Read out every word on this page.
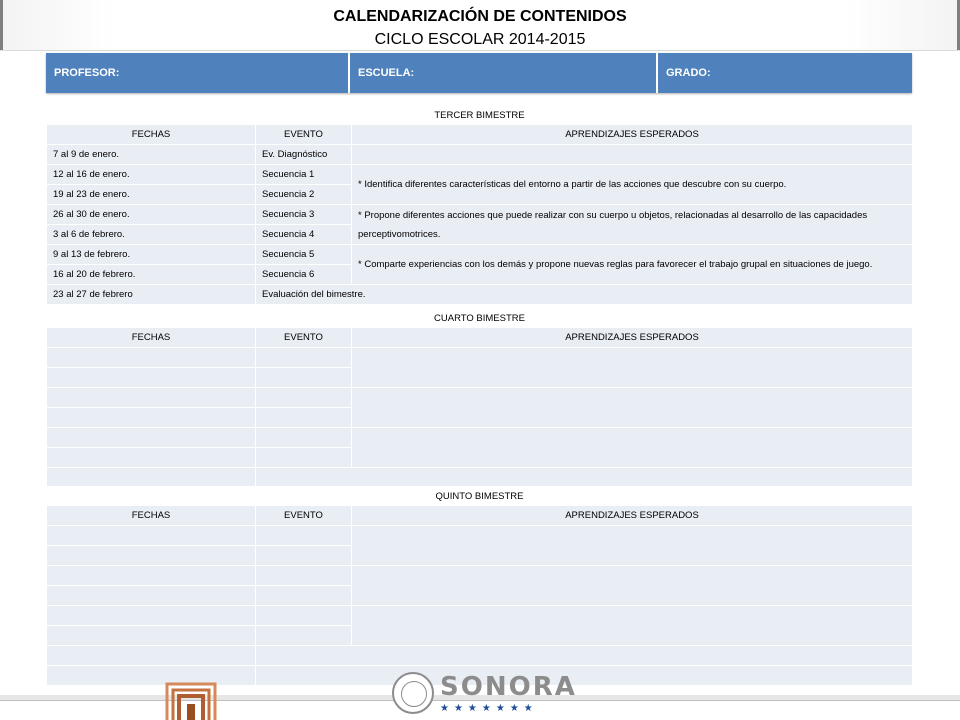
CALENDARIZACIÓN DE CONTENIDOS
CICLO ESCOLAR 2014-2015
PROFESOR:	ESCUELA:	GRADO:
TERCER BIMESTRE		
FECHAS	EVENTO	APRENDIZAJES ESPERADOS
7 al 9 de enero.	Ev. Diagnóstico	
12 al 16 de enero.	Secuencia 1	* Identifica diferentes características del entorno a partir de las acciones que descubre con su cuerpo.
19 al 23 de enero.	Secuencia 2	
26 al 30 de enero.	Secuencia 3	* Propone diferentes acciones que puede realizar con su cuerpo u objetos, relacionadas al desarrollo de las capacidades perceptivomotrices.
3 al 6 de febrero.	Secuencia 4	
9 al 13 de febrero.	Secuencia 5	* Comparte experiencias con los demás y propone nuevas reglas para favorecer el trabajo grupal en situaciones de juego.
16 al 20 de febrero.	Secuencia 6	
23 al 27 de febrero	Evaluación del bimestre.	
CUARTO BIMESTRE		
FECHAS	EVENTO	APRENDIZAJES ESPERADOS

QUINTO BIMESTRE		
FECHAS	EVENTO	APRENDIZAJES ESPERADOS

SONORA
★★★★★★★
